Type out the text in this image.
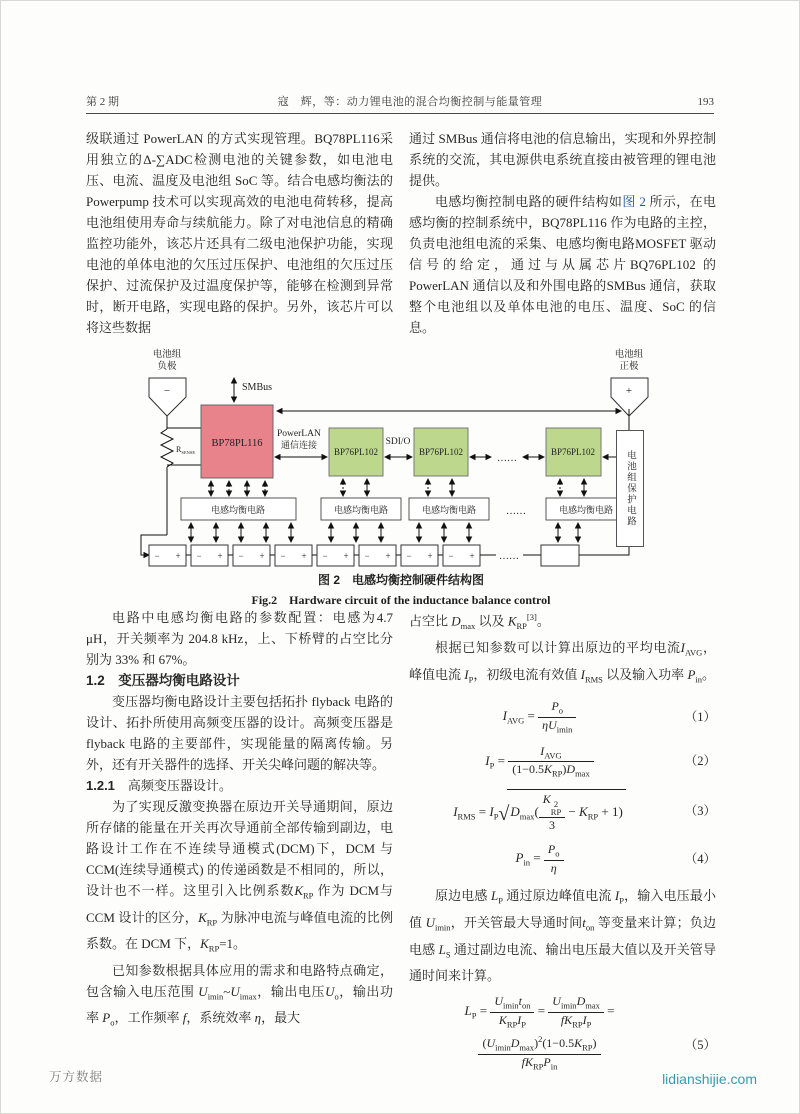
第 2 期	寇　辉，等：动力锂电池的混合均衡控制与能量管理	193

级联通过 PowerLAN 的方式实现管理。BQ78PL116采用独立的Δ-∑ADC检测电池的关键参数，如电池电压、电流、温度及电池组 SoC 等。结合电感均衡法的 Powerpump 技术可以实现高效的电池电荷转移，提高电池组使用寿命与续航能力。除了对电池信息的精确监控功能外，该芯片还具有二级电池保护功能，实现电池的单体电池的欠压过压保护、电池组的欠压过压保护、过流保护及过温度保护等，能够在检测到异常时，断开电路，实现电路的保护。另外，该芯片可以将这些数据

通过 SMBus 通信将电池的信息输出，实现和外界控制系统的交流，其电源供电系统直接由被管理的锂电池提供。

电感均衡控制电路的硬件结构如图 2 所示，在电感均衡的控制系统中，BQ78PL116 作为电路的主控，负责电池组电流的采集、电感均衡电路MOSFET 驱动信号的给定，通过与从属芯片BQ76PL102 的 PowerLAN 通信以及和外围电路的SMBus 通信，获取整个电池组以及单体电池的电压、温度、SoC 的信息。

电池组
负极
−
$R_{SENSE}$
SMBus
BP78PL116
PowerLAN
通信连接
BP76PL102
SDI/O
BP76PL102
……
BP76PL102
电池组
正极
+
电感均衡电路	电感均衡电路	电感均衡电路	……	电感均衡电路
− + − + − + − + − + − + − + − + ……
电池组保护电路
图 2　电感均衡控制硬件结构图
Fig.2　Hardware circuit of the inductance balance control

电路中电感均衡电路的参数配置：电感为4.7 μH，开关频率为 204.8 kHz，上、下桥臂的占空比分别为 33% 和 67%。

1.2　变压器均衡电路设计

变压器均衡电路设计主要包括拓扑 flyback 电路的设计、拓扑所使用高频变压器的设计。高频变压器是 flyback 电路的主要部件，实现能量的隔离传输。另外，还有开关器件的选择、开关尖峰问题的解决等。

1.2.1　高频变压器设计。

为了实现反激变换器在原边开关导通期间，原边所存储的能量在开关再次导通前全部传输到副边，电路设计工作在不连续导通模式(DCM)下，DCM 与 CCM(连续导通模式) 的传递函数是不相同的，所以，设计也不一样。这里引入比例系数$K_{RP}$ 作为 DCM与 CCM 设计的区分，$K_{RP}$ 为脉冲电流与峰值电流的比例系数。在 DCM 下，$K_{RP}=1$。

已知参数根据具体应用的需求和电路特点确定，包含输入电压范围 $U_{imin}\sim U_{imax}$，输出电压$U_o$，输出功率 $P_o$，工作频率 f，系统效率 η，最大

占空比 $D_{max}$ 以及 $K_{RP}[3]$。

根据已知参数可以计算出原边的平均电流$I_{AVG}$，峰值电流 $I_P$，初级电流有效值 $I_{RMS}$ 以及输入功率 $P_{in}$。

$I_{AVG} = \frac{P_o}{\eta U_{imin}}$	（1）
$I_P = \frac{I_{AVG}}{(1-0.5K_{RP})D_{max}}$	（2）
$I_{RMS} = I_P√$ $D_{max}$( K 2
RP
$3 - K_{RP} + 1$)	（3）
$P_{in} = \frac{P_o}{\eta}$	（4）

原边电感 $L_P$ 通过原边峰值电流 $I_P$，输入电压最小值 $U_{imin}$，开关管最大导通时间$t_{on}$ 等变量来计算；负边电感 $L_S$ 通过副边电流、输出电压最大值以及开关管导通时间来计算。

$L_P = \frac{U_{imin}t_{on}}{K_{RP}I_P} = \frac{U_{imin}D_{max}}{fK_{RP}I_P}$ =
$\frac{(U_{imin}D_{max})^2(1-0.5K_{RP})}{fK_{RP}P_{in}}$	（5）
万方数据	lidianshijie.com
